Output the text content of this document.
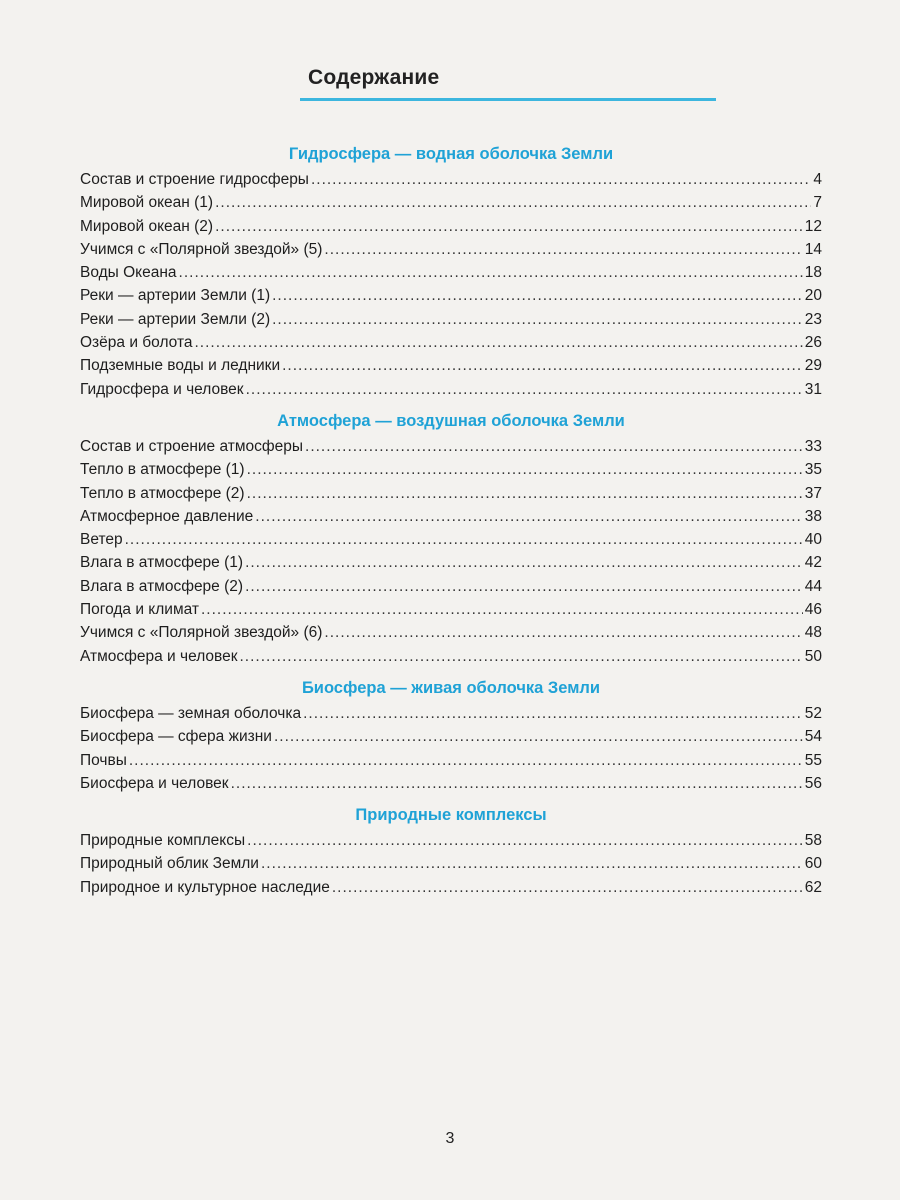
Содержание
Гидросфера — водная оболочка Земли
Состав и строение гидросферы .....	4
Мировой океан (1) .....	7
Мировой океан (2) .....	12
Учимся с «Полярной звездой» (5) .....	14
Воды Океана .....	18
Реки — артерии Земли (1) .....	20
Реки — артерии Земли (2) .....	23
Озёра и болота .....	26
Подземные воды и ледники .....	29
Гидросфера и человек .....	31
Атмосфера — воздушная оболочка Земли
Состав и строение атмосферы .....	33
Тепло в атмосфере (1) .....	35
Тепло в атмосфере (2) .....	37
Атмосферное давление .....	38
Ветер .....	40
Влага в атмосфере (1) .....	42
Влага в атмосфере (2) .....	44
Погода и климат .....	46
Учимся с «Полярной звездой» (6) .....	48
Атмосфера и человек .....	50
Биосфера — живая оболочка Земли
Биосфера — земная оболочка .....	52
Биосфера — сфера жизни .....	54
Почвы .....	55
Биосфера и человек .....	56
Природные комплексы
Природные комплексы .....	58
Природный облик Земли .....	60
Природное и культурное наследие .....	62
3
